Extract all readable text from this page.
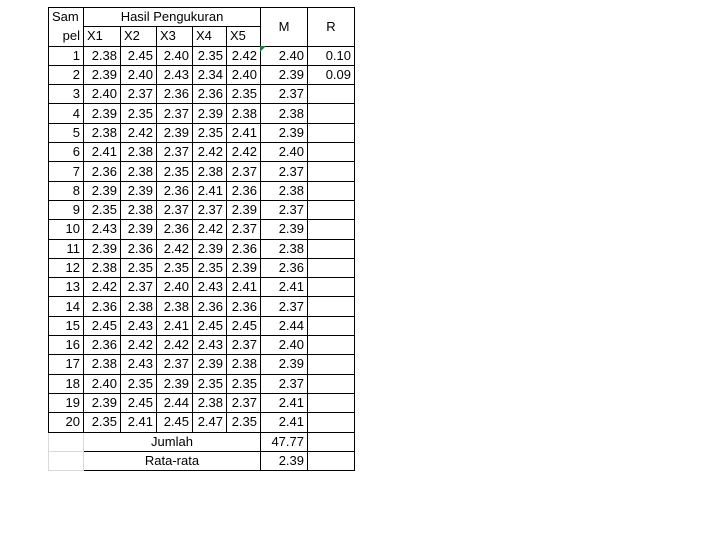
Sam	Hasil Pengukuran					M	R
pel	X1	X2	X3	X4	X5		
1	2.38	2.45	2.40	2.35	2.42	2.40	0.10
2	2.39	2.40	2.43	2.34	2.40	2.39	0.09
3	2.40	2.37	2.36	2.36	2.35	2.37	
4	2.39	2.35	2.37	2.39	2.38	2.38	
5	2.38	2.42	2.39	2.35	2.41	2.39	
6	2.41	2.38	2.37	2.42	2.42	2.40	
7	2.36	2.38	2.35	2.38	2.37	2.37	
8	2.39	2.39	2.36	2.41	2.36	2.38	
9	2.35	2.38	2.37	2.37	2.39	2.37	
10	2.43	2.39	2.36	2.42	2.37	2.39	
11	2.39	2.36	2.42	2.39	2.36	2.38	
12	2.38	2.35	2.35	2.35	2.39	2.36	
13	2.42	2.37	2.40	2.43	2.41	2.41	
14	2.36	2.38	2.38	2.36	2.36	2.37	
15	2.45	2.43	2.41	2.45	2.45	2.44	
16	2.36	2.42	2.42	2.43	2.37	2.40	
17	2.38	2.43	2.37	2.39	2.38	2.39	
18	2.40	2.35	2.39	2.35	2.35	2.37	
19	2.39	2.45	2.44	2.38	2.37	2.41	
20	2.35	2.41	2.45	2.47	2.35	2.41	
	Jumlah					47.77	
	Rata-rata					2.39	
